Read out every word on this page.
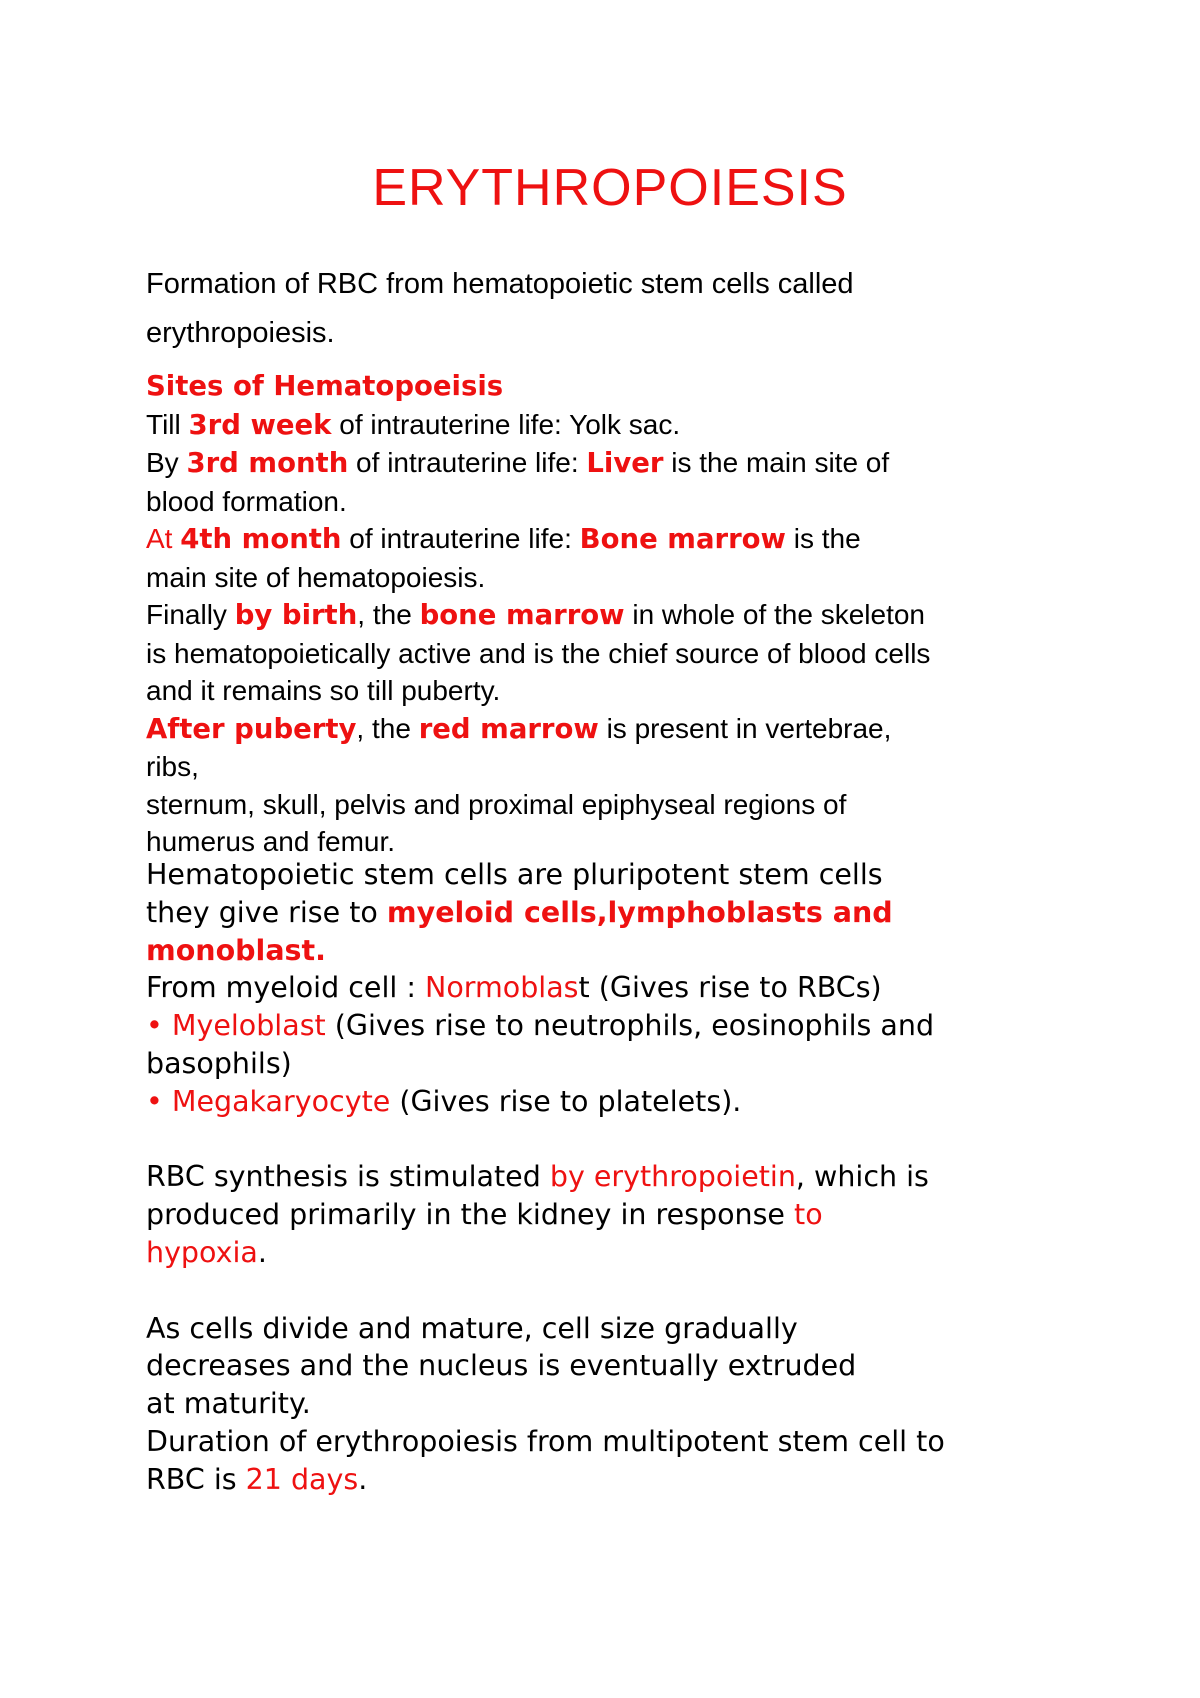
ERYTHROPOIESIS
Formation of RBC from hematopoietic stem cells called
erythropoiesis.
Sites of Hematopoeisis
Till 3rd week of intrauterine life: Yolk sac.
By 3rd month of intrauterine life: Liver is the main site of
blood formation.
At 4th month of intrauterine life: Bone marrow is the
main site of hematopoiesis.
Finally by birth, the bone marrow in whole of the skeleton
is hematopoietically active and is the chief source of blood cells
and it remains so till puberty.
After puberty, the red marrow is present in vertebrae,
ribs,
sternum, skull, pelvis and proximal epiphyseal regions of
humerus and femur.
Hematopoietic stem cells are pluripotent stem cells
they give rise to myeloid cells,lymphoblasts and
monoblast.
From myeloid cell : Normoblast (Gives rise to RBCs)
• Myeloblast (Gives rise to neutrophils, eosinophils and
basophils)
• Megakaryocyte (Gives rise to platelets).
RBC synthesis is stimulated by erythropoietin, which is
produced primarily in the kidney in response to
hypoxia.
As cells divide and mature, cell size gradually
decreases and the nucleus is eventually extruded
at maturity.
Duration of erythropoiesis from multipotent stem cell to
RBC is 21 days.
